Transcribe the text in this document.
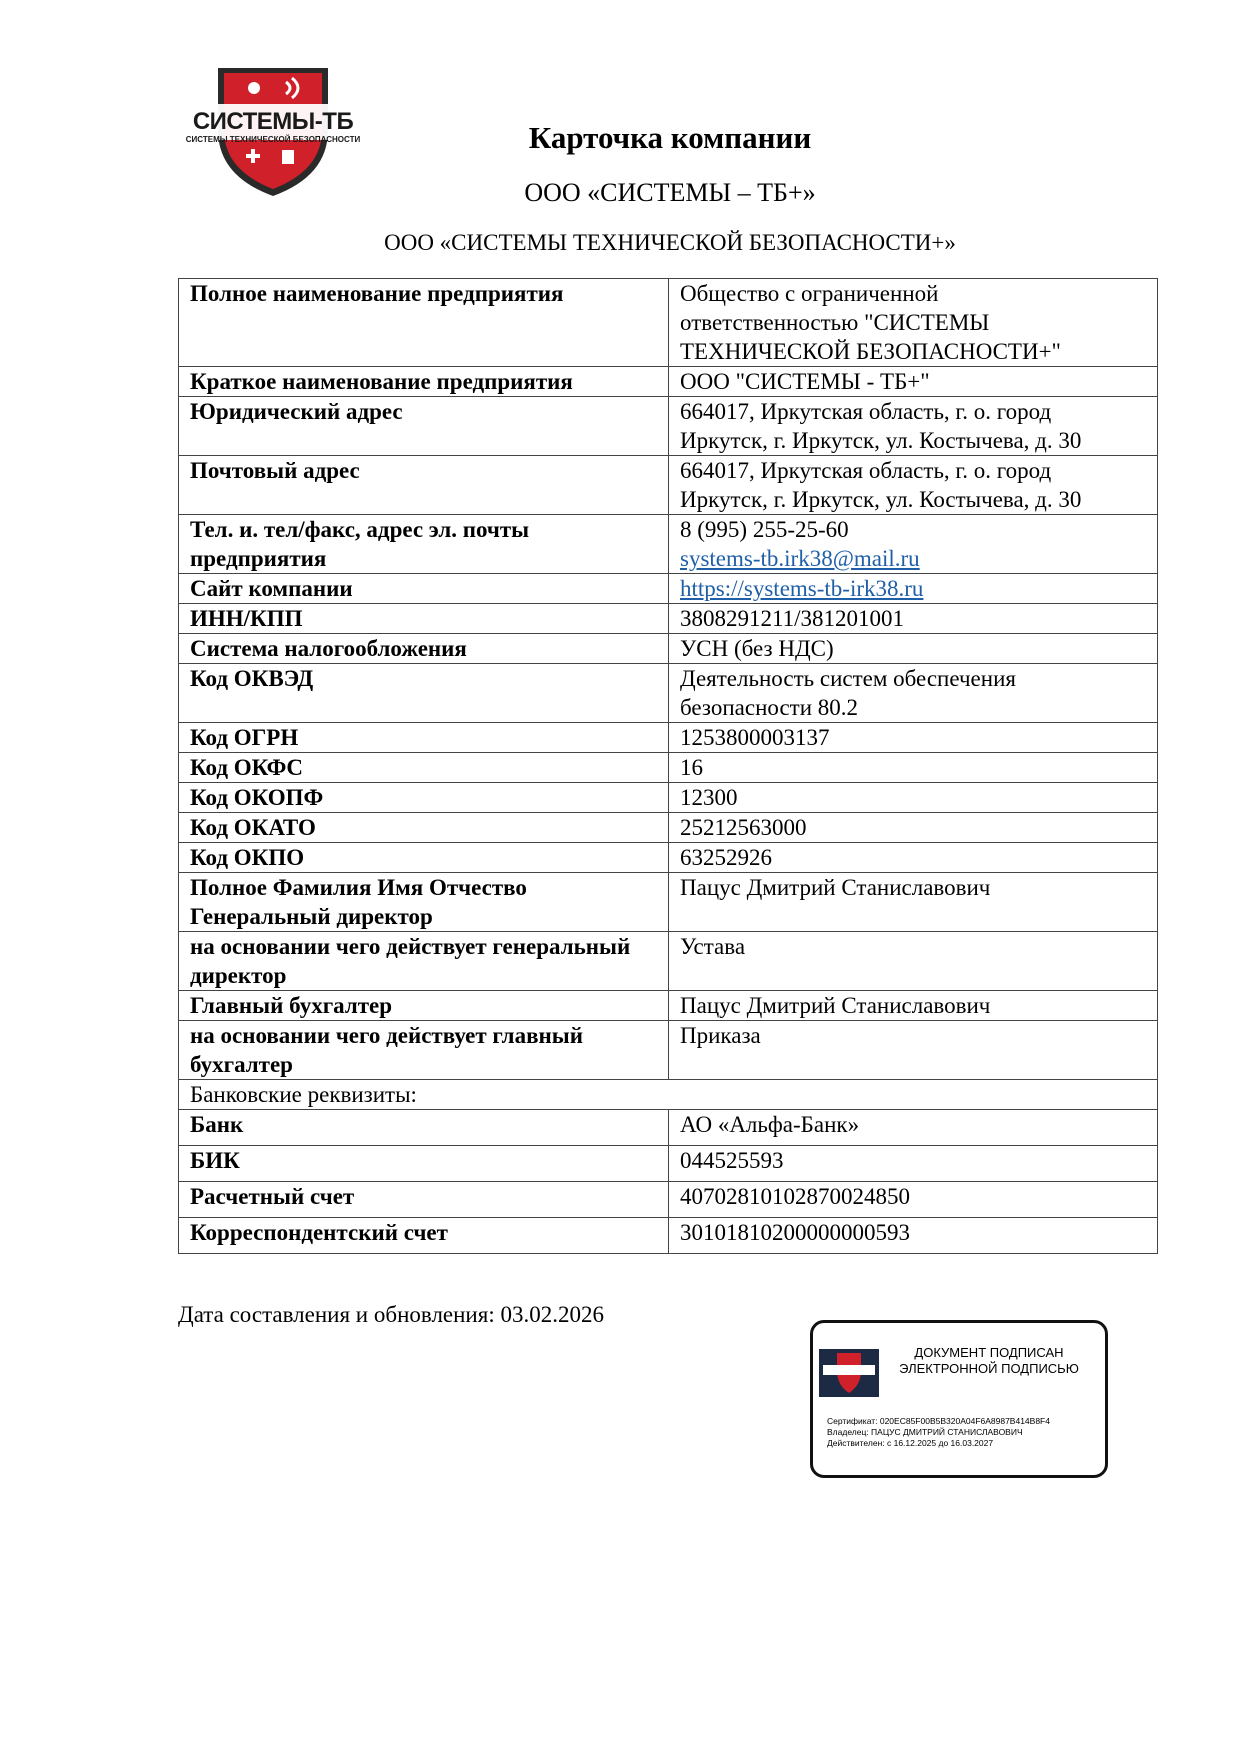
СИСТЕМЫ-ТБ
СИСТЕМЫ ТЕХНИЧЕСКОЙ БЕЗОПАСНОСТИ	Карточка компании
ООО «СИСТЕМЫ – ТБ+»
ООО «СИСТЕМЫ ТЕХНИЧЕСКОЙ БЕЗОПАСНОСТИ+»
Полное наименование предприятия	Общество с ограниченной
ответственностью "СИСТЕМЫ
ТЕХНИЧЕСКОЙ БЕЗОПАСНОСТИ+"

Краткое наименование предприятия	ООО "СИСТЕМЫ - ТБ+"
Юридический адрес	664017, Иркутская область, г. о. город
Иркутск, г. Иркутск, ул. Костычева, д. 30

Почтовый адрес	664017, Иркутская область, г. о. город
Иркутск, г. Иркутск, ул. Костычева, д. 30

Тел. и. тел/факс, адрес эл. почты предприятия	8 (995) 255-25-60
systems-tb.irk38@mail.ru

Сайт компании	https://systems-tb-irk38.ru
ИНН/КПП	3808291211/381201001
Система налогообложения	УСН (без НДС)
Код ОКВЭД	Деятельность систем обеспечения
безопасности 80.2

Код ОГРН	1253800003137
Код ОКФС	16
Код ОКОПФ	12300
Код ОКАТО	25212563000
Код ОКПО	63252926
Полное Фамилия Имя Отчество Генеральный директор	Пацус Дмитрий Станиславович
на основании чего действует генеральный директор	Устава
Главный бухгалтер	Пацус Дмитрий Станиславович
на основании чего действует главный бухгалтер	Приказа
Банковские реквизиты:	
Банк	АО «Альфа-Банк»
БИК	044525593
Расчетный счет	40702810102870024850
Корреспондентский счет	30101810200000000593
Дата составления и обновления: 03.02.2026
ДОКУМЕНТ ПОДПИСАН
ЭЛЕКТРОННОЙ ПОДПИСЬЮ
Сертификат: 020EC85F00B5B320A04F6A8987B414B8F4
Владелец: ПАЦУС ДМИТРИЙ СТАНИСЛАВОВИЧ
Действителен: с 16.12.2025 до 16.03.2027
